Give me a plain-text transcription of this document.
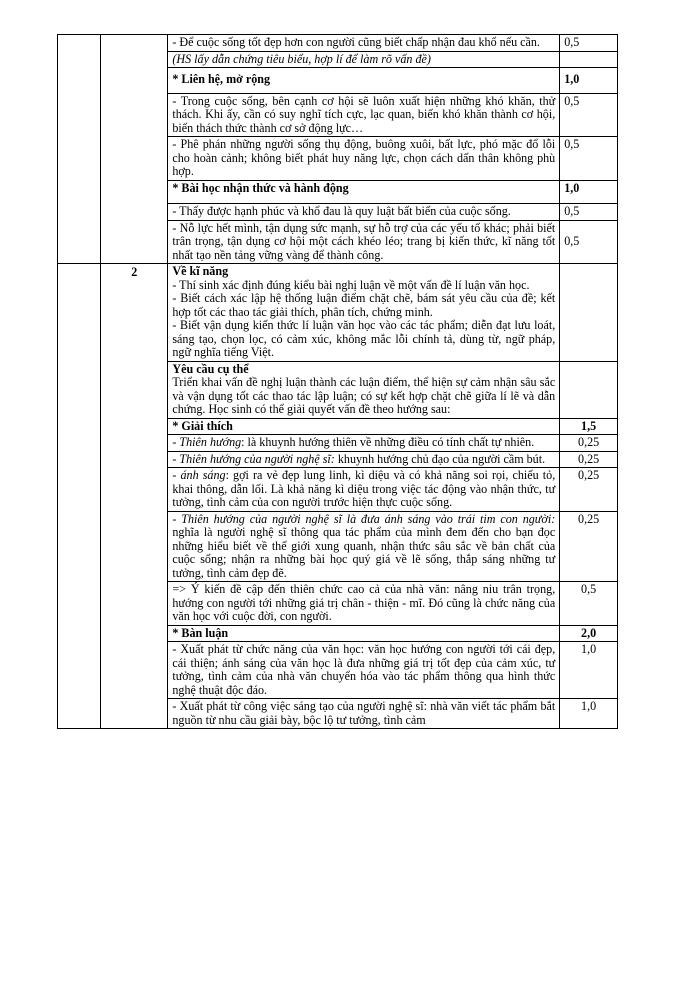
		- Để cuộc sống tốt đẹp hơn con người cũng biết chấp nhận đau khổ nếu cần.	0,5
		(HS lấy dẫn chứng tiêu biểu, hợp lí để làm rõ vấn đề)	
		* Liên hệ, mở rộng	1,0
		- Trong cuộc sống, bên cạnh cơ hội sẽ luôn xuất hiện những khó khăn, thử thách. Khi ấy, cần có suy nghĩ tích cực, lạc quan, biến khó khăn thành cơ hội, biến thách thức thành cơ sở động lực…	0,5
		- Phê phán những người sống thụ động, buông xuôi, bất lực, phó mặc đổ lỗi cho hoàn cảnh; không biết phát huy năng lực, chọn cách dấn thân không phù hợp.	0,5
		* Bài học nhận thức và hành động	1,0
		- Thấy được hạnh phúc và khổ đau là quy luật bất biến của cuộc sống.	0,5
		- Nỗ lực hết mình, tận dụng sức mạnh, sự hỗ trợ của các yếu tố khác; phải biết trân trọng, tận dụng cơ hội một cách khéo léo; trang bị kiến thức, kĩ năng tốt nhất tạo nền tảng vững vàng để thành công.	0,5
	2	Về kĩ năng

- Thí sinh xác định đúng kiểu bài nghị luận về một vấn đề lí luận văn học.

- Biết cách xác lập hệ thống luận điểm chặt chẽ, bám sát yêu cầu của đề; kết hợp tốt các thao tác giải thích, phân tích, chứng minh.

- Biết vận dụng kiến thức lí luận văn học vào các tác phẩm; diễn đạt lưu loát, sáng tạo, chọn lọc, có cảm xúc, không mắc lỗi chính tả, dùng từ, ngữ pháp, ngữ nghĩa tiếng Việt.	

		Yêu cầu cụ thể

Triển khai vấn đề nghị luận thành các luận điểm, thể hiện sự cảm nhận sâu sắc và vận dụng tốt các thao tác lập luận; có sự kết hợp chặt chẽ giữa lí lẽ và dẫn chứng. Học sinh có thể giải quyết vấn đề theo hướng sau:	

		* Giải thích	1,5
		- Thiên hướng: là khuynh hướng thiên về những điều có tính chất tự nhiên.	0,25
		- Thiên hướng của người nghệ sĩ: khuynh hướng chủ đạo của người cầm bút.	0,25
		- ánh sáng: gợi ra vẻ đẹp lung linh, kì diệu và có khả năng soi rọi, chiếu tỏ, khai thông, dẫn lối. Là khả năng kì diệu trong việc tác động vào nhận thức, tư tưởng, tình cảm của con người trước hiện thực cuộc sống.	0,25
		- Thiên hướng của người nghệ sĩ là đưa ánh sáng vào trái tim con người: nghĩa là người nghệ sĩ thông qua tác phẩm của mình đem đến cho bạn đọc những hiểu biết về thế giới xung quanh, nhận thức sâu sắc về bản chất của cuộc sống; nhận ra những bài học quý giá về lẽ sống, thắp sáng những tư tưởng, tình cảm đẹp đẽ.	0,25
		=> Ý kiến đề cập đến thiên chức cao cả của nhà văn: nâng niu trân trọng, hướng con người tới những giá trị chân - thiện - mĩ. Đó cũng là chức năng của văn học với cuộc đời, con người.	0,5
		* Bàn luận	2,0
		- Xuất phát từ chức năng của văn học: văn học hướng con người tới cái đẹp, cái thiện; ánh sáng của văn học là đưa những giá trị tốt đẹp của cảm xúc, tư tưởng, tình cảm của nhà văn chuyển hóa vào tác phẩm thông qua hình thức nghệ thuật độc đáo.	1,0
		- Xuất phát từ công việc sáng tạo của người nghệ sĩ: nhà văn viết tác phẩm bắt nguồn từ nhu cầu giải bày, bộc lộ tư tưởng, tình cảm	1,0
